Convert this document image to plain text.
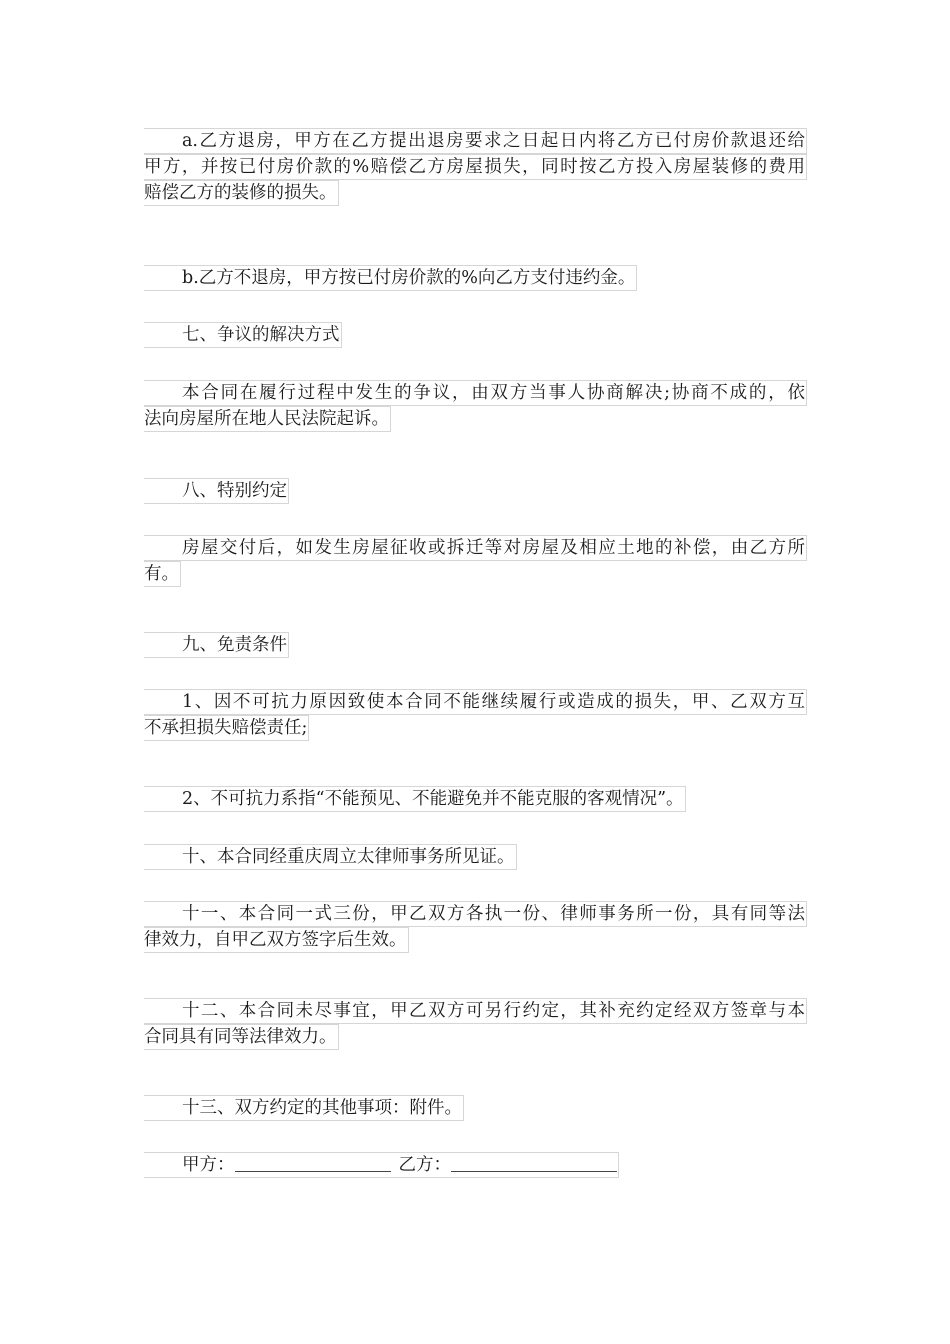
a.乙方退房，甲方在乙方提出退房要求之日起日内将乙方已付房价款退还给
甲方，并按已付房价款的%赔偿乙方房屋损失，同时按乙方投入房屋装修的费用
赔偿乙方的装修的损失。
b.乙方不退房，甲方按已付房价款的%向乙方支付违约金。
七、争议的解决方式
本合同在履行过程中发生的争议，由双方当事人协商解决;协商不成的，依
法向房屋所在地人民法院起诉。
八、特别约定
房屋交付后，如发生房屋征收或拆迁等对房屋及相应土地的补偿，由乙方所
有。
九、免责条件
1、因不可抗力原因致使本合同不能继续履行或造成的损失，甲、乙双方互
不承担损失赔偿责任;
2、不可抗力系指“不能预见、不能避免并不能克服的客观情况”。
十、本合同经重庆周立太律师事务所见证。
十一、本合同一式三份，甲乙双方各执一份、律师事务所一份，具有同等法
律效力，自甲乙双方签字后生效。
十二、本合同未尽事宜，甲乙双方可另行约定，其补充约定经双方签章与本
合同具有同等法律效力。
十三、双方约定的其他事项：附件。
甲方：	乙方：
